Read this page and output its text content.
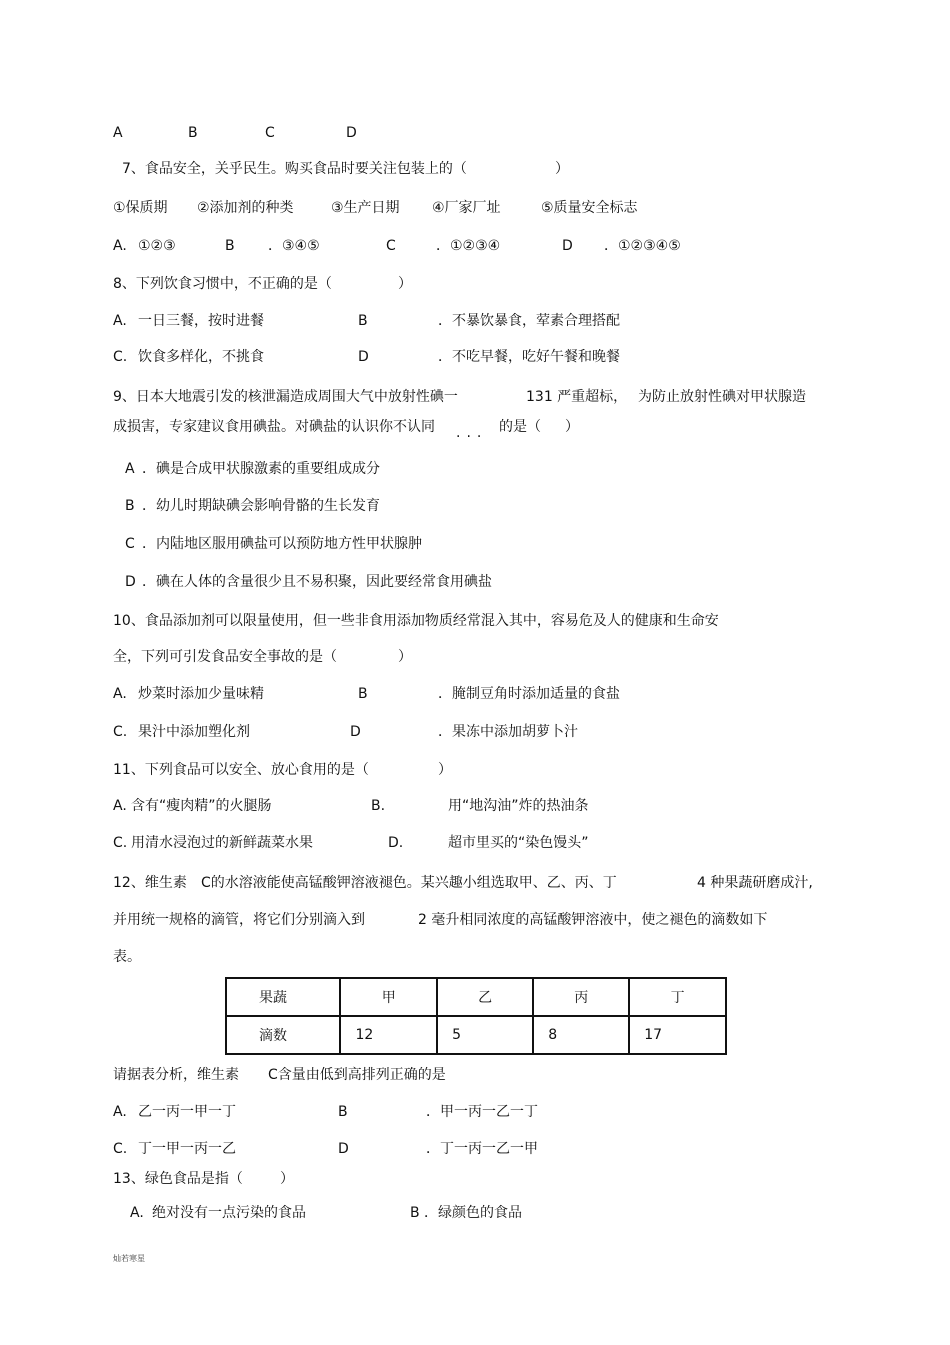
A	B	C	D
7、食品安全，关乎民生。购买食品时要关注包装上的（	）
①保质期 ②添加剂的种类	③生产日期 ④厂家厂址	⑤质量安全标志
A. ①②③	B ．③④⑤	C	．①②③④	D ．①②③④⑤
8、下列饮食习惯中，不正确的是（	）
A. 一日三餐，按时进餐	B	．不暴饮暴食，荤素合理搭配
C. 饮食多样化，不挑食	D	．不吃早餐，吃好午餐和晚餐
9、日本大地震引发的核泄漏造成周围大气中放射性碘一	131 严重超标， 为防止放射性碘对甲状腺造
成损害，专家建议食用碘盐。对碘盐的认识你不认同 ... 的是（ ）
A ．碘是合成甲状腺激素的重要组成成分
B ．幼儿时期缺碘会影响骨骼的生长发育
C ．内陆地区服用碘盐可以预防地方性甲状腺肿
D ．碘在人体的含量很少且不易积聚，因此要经常食用碘盐
10、食品添加剂可以限量使用，但一些非食用添加物质经常混入其中，容易危及人的健康和生命安
全，下列可引发食品安全事故的是（	）
A. 炒菜时添加少量味精	B	．腌制豆角时添加适量的食盐
C. 果汁中添加塑化剂	D	．果冻中添加胡萝卜汁
11、下列食品可以安全、放心食用的是（	）
A. 含有“瘦肉精”的火腿肠	B.	用“地沟油”炸的热油条
C. 用清水浸泡过的新鲜蔬菜水果	D.	超市里买的“染色馒头”
12、维生素 C的水溶液能使高锰酸钾溶液褪色。某兴趣小组选取甲、乙、丙、丁	4 种果蔬研磨成汁,
并用统一规格的滴管，将它们分别滴入到	2 毫升相同浓度的高锰酸钾溶液中，使之褪色的滴数如下
表。
果蔬	甲	乙	丙	丁
滴数	12	5	8	17
请据表分析，维生素 C含量由低到高排列正确的是
A. 乙一丙一甲一丁	B	．甲一丙一乙一丁
C. 丁一甲一丙一乙	D	．丁一丙一乙一甲
13、绿色食品是指（	）
A. 绝对没有一点污染的食品	B ．绿颜色的食品
灿若寒星
